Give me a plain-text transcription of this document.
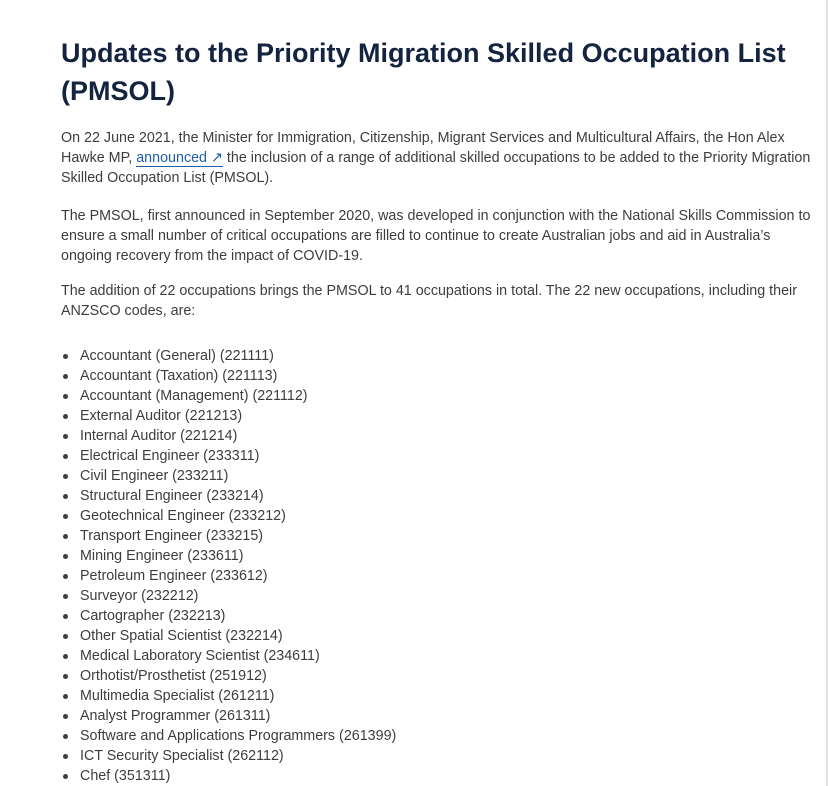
Updates to the Priority Migration Skilled Occupation List (PMSOL)

On 22 June 2021, the Minister for Immigration, Citizenship, Migrant Services and Multicultural Affairs, the Hon Alex Hawke MP, announced ↗ the inclusion of a range of additional skilled occupations to be added to the Priority Migration Skilled Occupation List (PMSOL).

The PMSOL, first announced in September 2020, was developed in conjunction with the National Skills Commission to ensure a small number of critical occupations are filled to continue to create Australian jobs and aid in Australia’s ongoing recovery from the impact of COVID-19.

The addition of 22 occupations brings the PMSOL to 41 occupations in total. The 22 new occupations, including their ANZSCO codes, are:

Accountant (General) (221111)
Accountant (Taxation) (221113)
Accountant (Management) (221112)
External Auditor (221213)
Internal Auditor (221214)
Electrical Engineer (233311)
Civil Engineer (233211)
Structural Engineer (233214)
Geotechnical Engineer (233212)
Transport Engineer (233215)
Mining Engineer (233611)
Petroleum Engineer (233612)
Surveyor (232212)
Cartographer (232213)
Other Spatial Scientist (232214)
Medical Laboratory Scientist (234611)
Orthotist/Prosthetist (251912)
Multimedia Specialist (261211)
Analyst Programmer (261311)
Software and Applications Programmers (261399)
ICT Security Specialist (262112)
Chef (351311)
